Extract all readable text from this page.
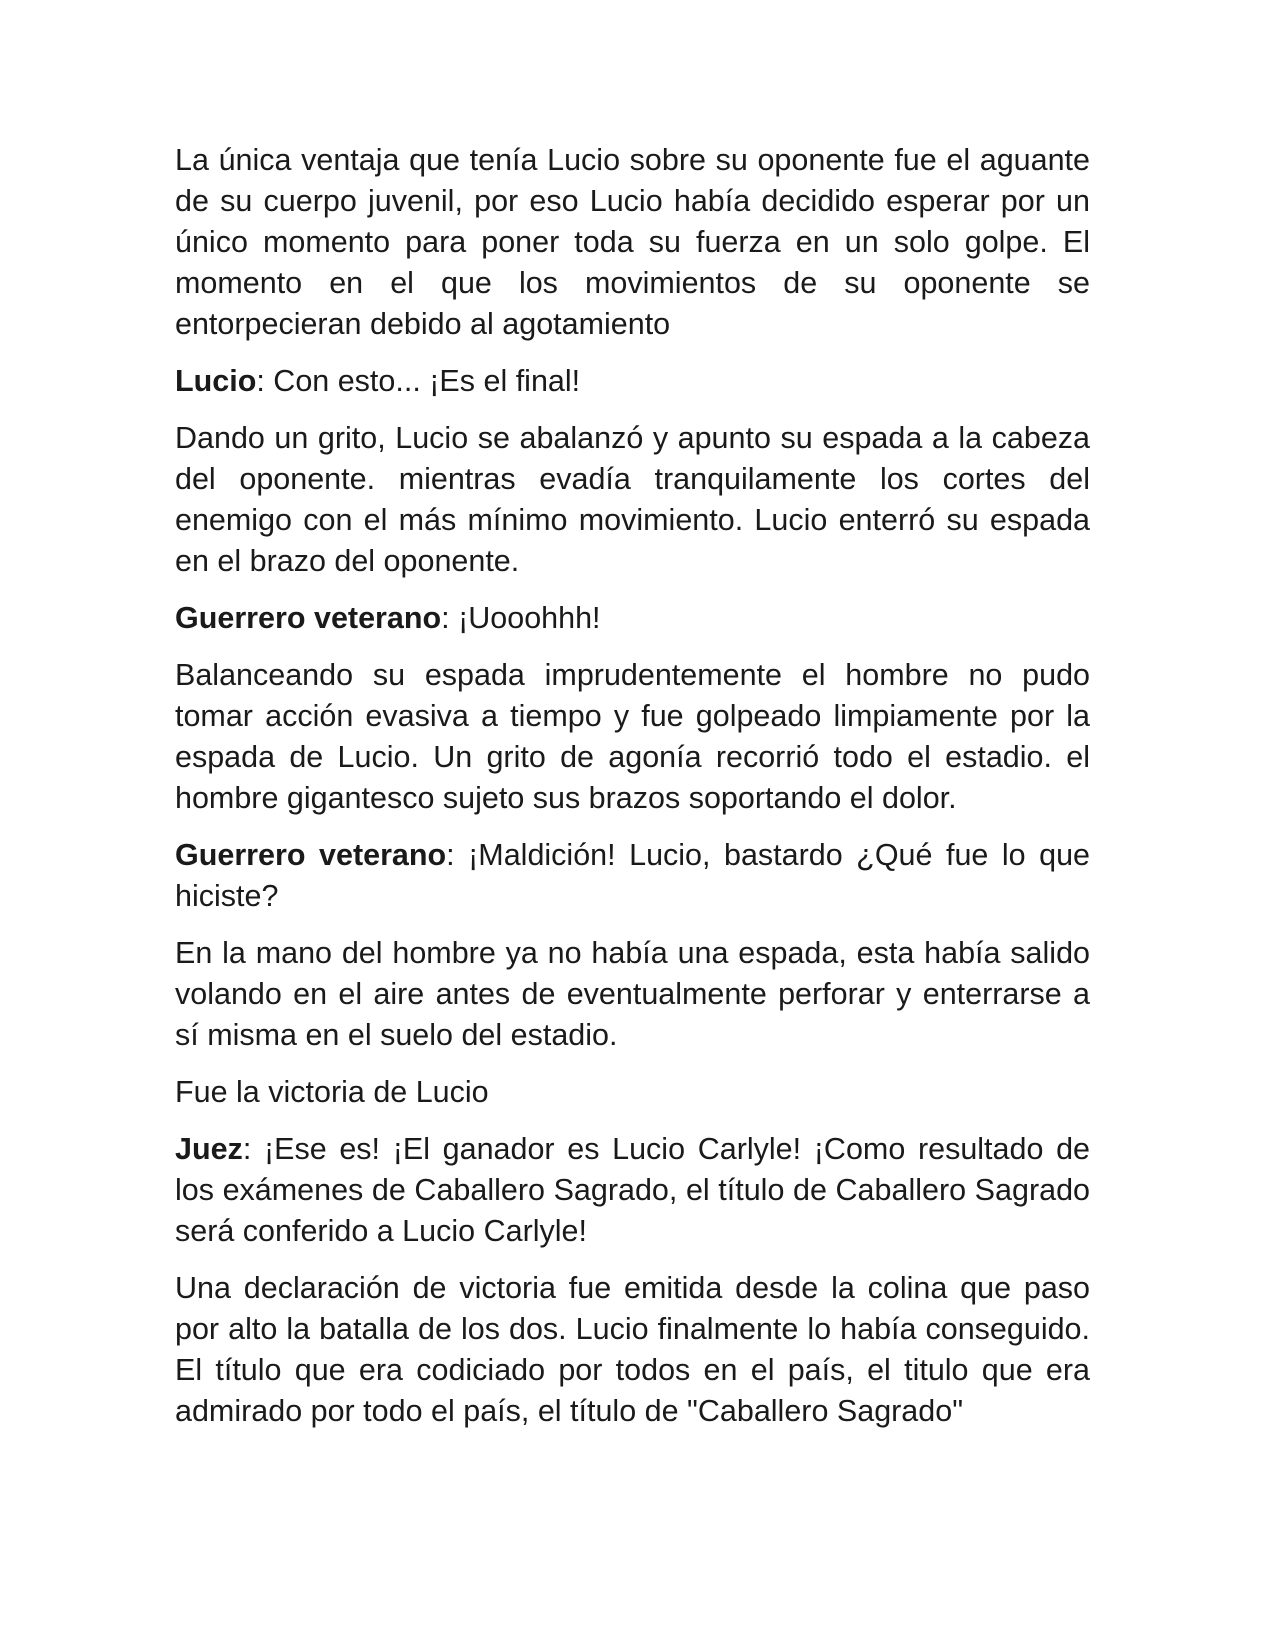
La única ventaja que tenía Lucio sobre su oponente fue el aguante de su cuerpo juvenil, por eso Lucio había decidido esperar por un único momento para poner toda su fuerza en un solo golpe. El momento en el que los movimientos de su oponente se entorpecieran debido al agotamiento

Lucio: Con esto... ¡Es el final!

Dando un grito, Lucio se abalanzó y apunto su espada a la cabeza del oponente. mientras evadía tranquilamente los cortes del enemigo con el más mínimo movimiento. Lucio enterró su espada en el brazo del oponente.

Guerrero veterano: ¡Uooohhh!

Balanceando su espada imprudentemente el hombre no pudo tomar acción evasiva a tiempo y fue golpeado limpiamente por la espada de Lucio. Un grito de agonía recorrió todo el estadio. el hombre gigantesco sujeto sus brazos soportando el dolor.

Guerrero veterano: ¡Maldición! Lucio, bastardo ¿Qué fue lo que hiciste?

En la mano del hombre ya no había una espada, esta había salido volando en el aire antes de eventualmente perforar y enterrarse a sí misma en el suelo del estadio.

Fue la victoria de Lucio

Juez: ¡Ese es! ¡El ganador es Lucio Carlyle! ¡Como resultado de los exámenes de Caballero Sagrado, el título de Caballero Sagrado será conferido a Lucio Carlyle!

Una declaración de victoria fue emitida desde la colina que paso por alto la batalla de los dos. Lucio finalmente lo había conseguido. El título que era codiciado por todos en el país, el titulo que era admirado por todo el país, el título de "Caballero Sagrado"
